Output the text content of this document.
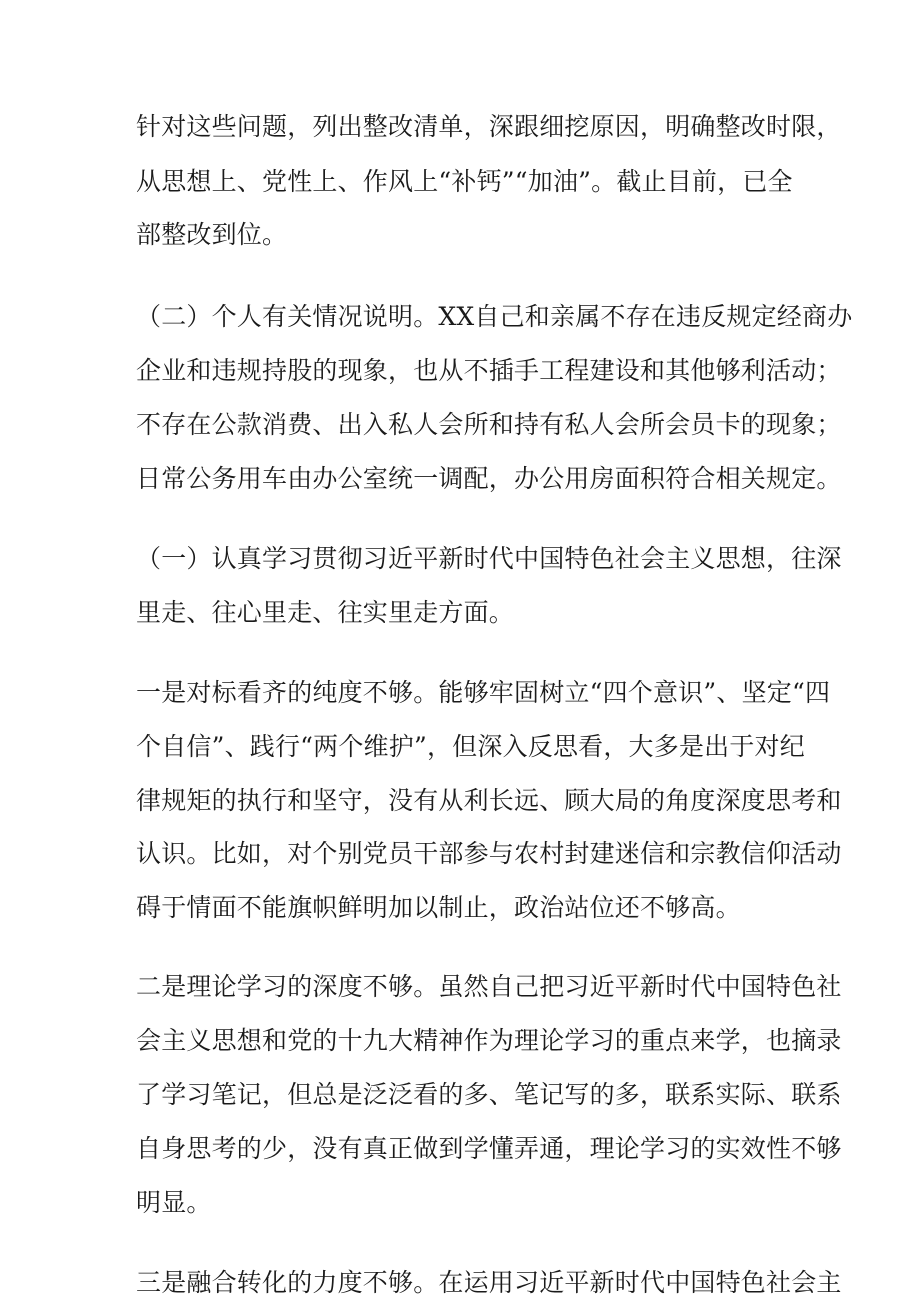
针对这些问题，列出整改清单，深跟细挖原因，明确整改时限，
从思想上、党性上、作风上“补钙”“加油”。截止目前，已全
部整改到位。
（二）个人有关情况说明。XX自己和亲属不存在违反规定经商办
企业和违规持股的现象，也从不插手工程建设和其他够利活动；
不存在公款消费、出入私人会所和持有私人会所会员卡的现象；
日常公务用车由办公室统一调配，办公用房面积符合相关规定。
（一）认真学习贯彻习近平新时代中国特色社会主义思想，往深
里走、往心里走、往实里走方面。
一是对标看齐的纯度不够。能够牢固树立“四个意识”、坚定“四
个自信”、践行“两个维护”，但深入反思看，大多是出于对纪
律规矩的执行和坚守，没有从利长远、顾大局的角度深度思考和
认识。比如，对个别党员干部参与农村封建迷信和宗教信仰活动
碍于情面不能旗帜鲜明加以制止，政治站位还不够高。
二是理论学习的深度不够。虽然自己把习近平新时代中国特色社
会主义思想和党的十九大精神作为理论学习的重点来学，也摘录
了学习笔记，但总是泛泛看的多、笔记写的多，联系实际、联系
自身思考的少，没有真正做到学懂弄通，理论学习的实效性不够
明显。
三是融合转化的力度不够。在运用习近平新时代中国特色社会主
